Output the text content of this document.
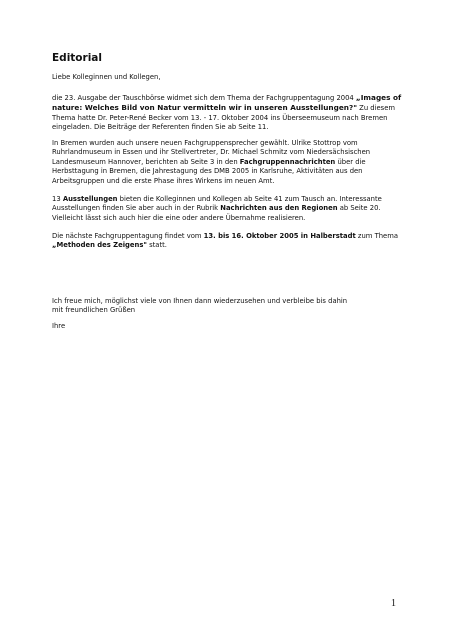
Editorial

Liebe Kolleginnen und Kollegen,

die 23. Ausgabe der Tauschbörse widmet sich dem Thema der Fachgruppentagung 2004 „Images of
nature: Welches Bild von Natur vermitteln wir in unseren Ausstellungen?" Zu diesem
Thema hatte Dr. Peter-René Becker vom 13. - 17. Oktober 2004 ins Überseemuseum nach Bremen
eingeladen. Die Beiträge der Referenten finden Sie ab Seite 11.

In Bremen wurden auch unsere neuen Fachgruppensprecher gewählt. Ulrike Stottrop vom
Ruhrlandmuseum in Essen und ihr Stellvertreter, Dr. Michael Schmitz vom Niedersächsischen
Landesmuseum Hannover, berichten ab Seite 3 in den Fachgruppennachrichten über die
Herbsttagung in Bremen, die Jahrestagung des DMB 2005 in Karlsruhe, Aktivitäten aus den
Arbeitsgruppen und die erste Phase ihres Wirkens im neuen Amt.

13 Ausstellungen bieten die Kolleginnen und Kollegen ab Seite 41 zum Tausch an. Interessante
Ausstellungen finden Sie aber auch in der Rubrik Nachrichten aus den Regionen ab Seite 20.
Vielleicht lässt sich auch hier die eine oder andere Übernahme realisieren.

Die nächste Fachgruppentagung findet vom 13. bis 16. Oktober 2005 in Halberstadt zum Thema
„Methoden des Zeigens" statt.

Ich freue mich, möglichst viele von Ihnen dann wiederzusehen und verbleibe bis dahin
mit freundlichen Grüßen

Ihre

1
